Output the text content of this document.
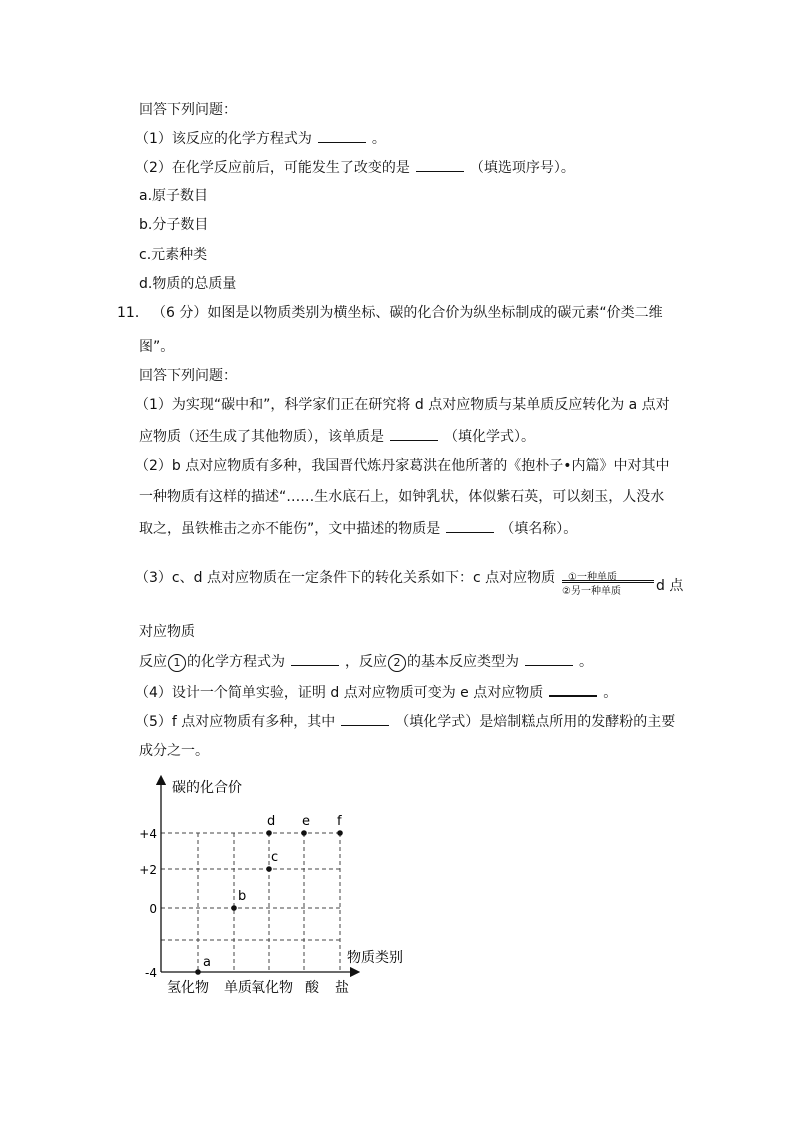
回答下列问题：
（1）该反应的化学方程式为	。
（2）在化学反应前后，可能发生了改变的是	（填选项序号）。
a.原子数目
b.分子数目
c.元素种类
d.物质的总质量
11． （6 分）如图是以物质类别为横坐标、碳的化合价为纵坐标制成的碳元素“价类二维
图”。
回答下列问题：
（1）为实现“碳中和”，科学家们正在研究将 d 点对应物质与某单质反应转化为 a 点对
应物质（还生成了其他物质），该单质是	（填化学式）。
（2）b 点对应物质有多种，我国晋代炼丹家葛洪在他所著的《抱朴子•内篇》中对其中
一种物质有这样的描述“……生水底石上，如钟乳状，体似紫石英，可以刻玉，人没水
取之，虽铁椎击之亦不能伤”，文中描述的物质是	（填名称）。
（3）c、d 点对应物质在一定条件下的转化关系如下：c 点对应物质 ①一种单质
②另一种单质	d 点
对应物质
反应 1 的化学方程式为	，反应 2 的基本反应类型为	。
（4）设计一个简单实验，证明 d 点对应物质可变为 e 点对应物质	。
（5）f 点对应物质有多种，其中	（填化学式）是焙制糕点所用的发酵粉的主要
成分之一。
碳的化合价
物质类别
+4
+2
0
-4
氢化物 单质 氧化物 酸 盐
a
b
c
d e f
